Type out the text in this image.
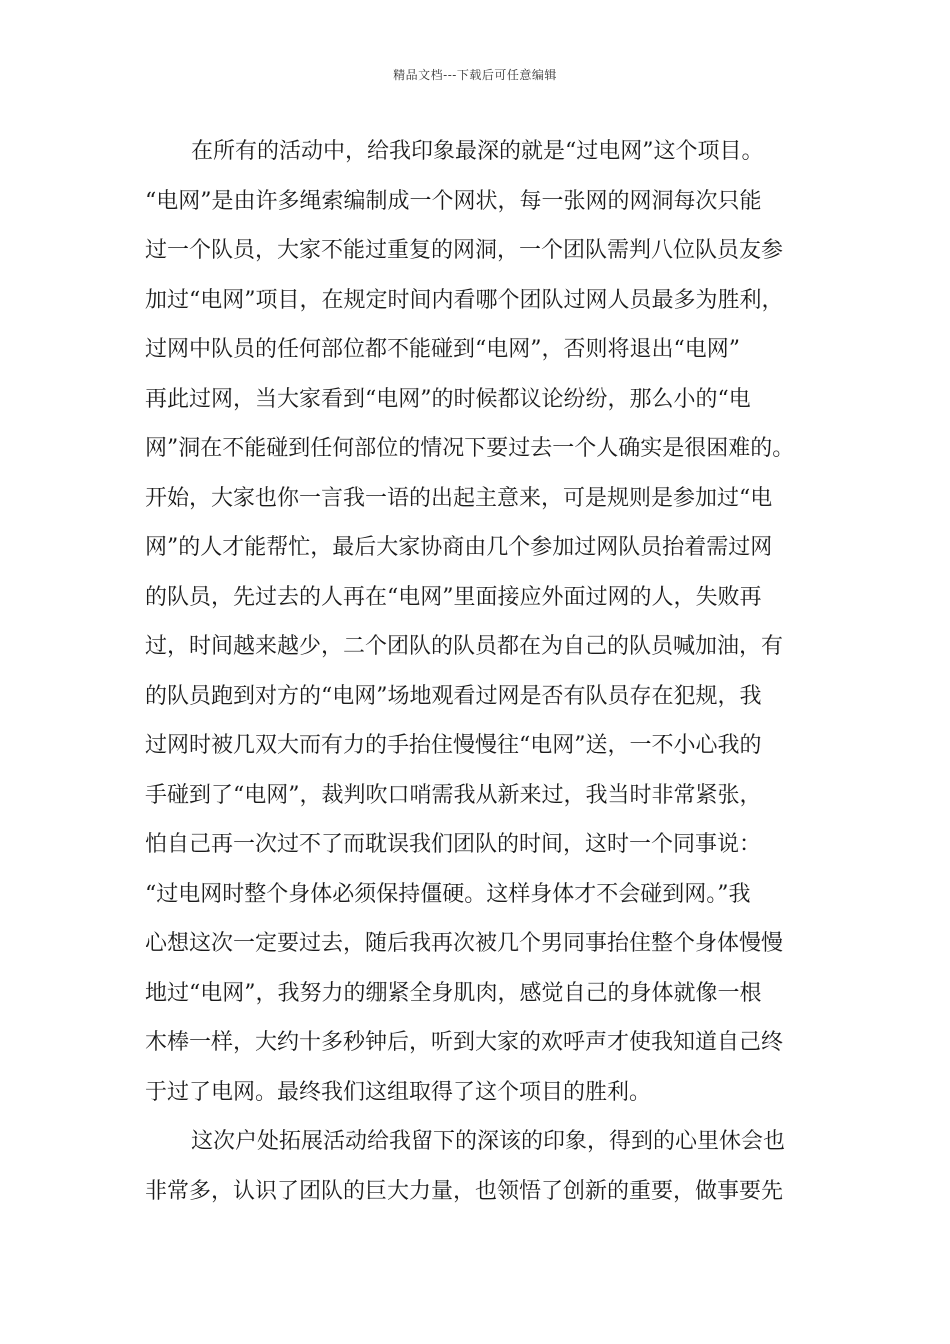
精品文档---下载后可任意编辑
在所有的活动中，给我印象最深的就是“过电网”这个项目。
“电网”是由许多绳索编制成一个网状，每一张网的网洞每次只能
过一个队员，大家不能过重复的网洞，一个团队需判八位队员友参
加过“电网”项目，在规定时间内看哪个团队过网人员最多为胜利，
过网中队员的任何部位都不能碰到“电网”，否则将退出“电网”
再此过网，当大家看到“电网”的时候都议论纷纷，那么小的“电
网”洞在不能碰到任何部位的情况下要过去一个人确实是很困难的。
开始，大家也你一言我一语的出起主意来，可是规则是参加过“电
网”的人才能帮忙，最后大家协商由几个参加过网队员抬着需过网
的队员，先过去的人再在“电网”里面接应外面过网的人，失败再
过，时间越来越少，二个团队的队员都在为自己的队员喊加油，有
的队员跑到对方的“电网”场地观看过网是否有队员存在犯规，我
过网时被几双大而有力的手抬住慢慢往“电网”送，一不小心我的
手碰到了“电网”，裁判吹口哨需我从新来过，我当时非常紧张，
怕自己再一次过不了而耽误我们团队的时间，这时一个同事说：
“过电网时整个身体必须保持僵硬。这样身体才不会碰到网。”我
心想这次一定要过去，随后我再次被几个男同事抬住整个身体慢慢
地过“电网”，我努力的绷紧全身肌肉，感觉自己的身体就像一根
木棒一样，大约十多秒钟后，听到大家的欢呼声才使我知道自己终
于过了电网。最终我们这组取得了这个项目的胜利。
这次户处拓展活动给我留下的深该的印象，得到的心里休会也
非常多，认识了团队的巨大力量，也领悟了创新的重要，做事要先
